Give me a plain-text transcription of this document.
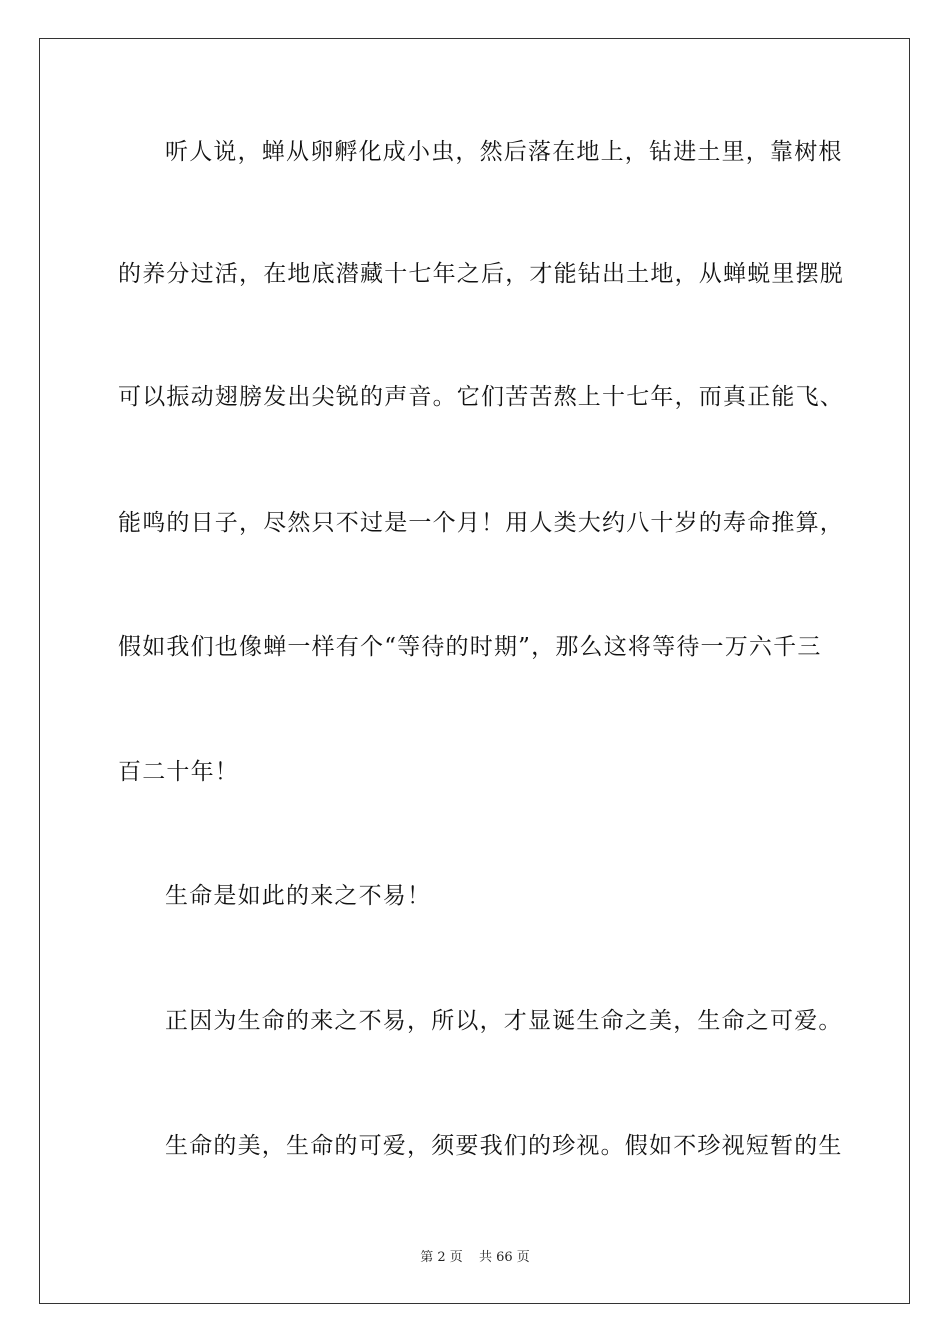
听人说，蝉从卵孵化成小虫，然后落在地上，钻进土里，靠树根
的养分过活，在地底潜藏十七年之后，才能钻出土地，从蝉蜕里摆脱
可以振动翅膀发出尖锐的声音。它们苦苦熬上十七年，而真正能飞、
能鸣的日子，尽然只不过是一个月！用人类大约八十岁的寿命推算，
假如我们也像蝉一样有个“等待的时期”，那么这将等待一万六千三
百二十年！
生命是如此的来之不易！
正因为生命的来之不易，所以，才显诞生命之美，生命之可爱。
生命的美，生命的可爱，须要我们的珍视。假如不珍视短暂的生
第 2 页 共 66 页
